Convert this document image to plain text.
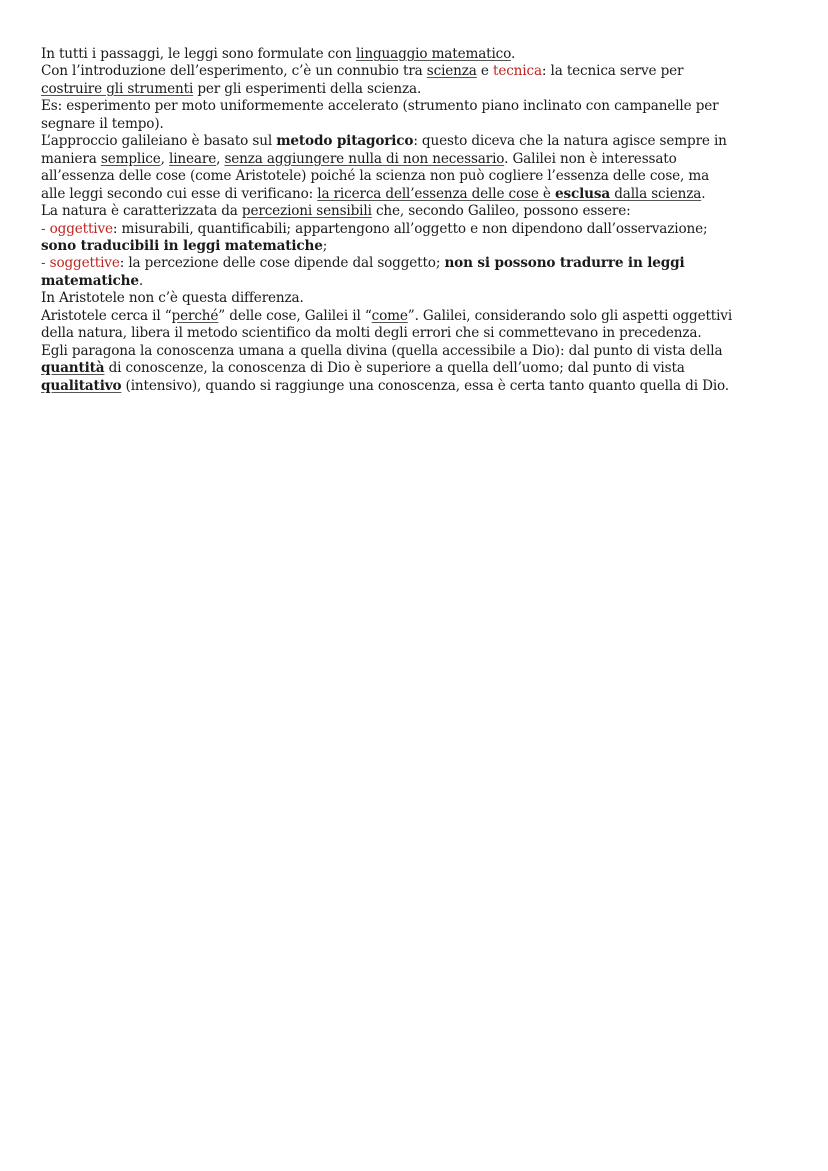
In tutti i passaggi, le leggi sono formulate con linguaggio matematico.
Con l’introduzione dell’esperimento, c’è un connubio tra scienza e tecnica: la tecnica serve per
costruire gli strumenti per gli esperimenti della scienza.
Es: esperimento per moto uniformemente accelerato (strumento piano inclinato con campanelle per
segnare il tempo).
L’approccio galileiano è basato sul metodo pitagorico: questo diceva che la natura agisce sempre in
maniera semplice, lineare, senza aggiungere nulla di non necessario. Galilei non è interessato
all’essenza delle cose (come Aristotele) poiché la scienza non può cogliere l’essenza delle cose, ma
alle leggi secondo cui esse di verificano: la ricerca dell’essenza delle cose è esclusa dalla scienza.
La natura è caratterizzata da percezioni sensibili che, secondo Galileo, possono essere:
- oggettive: misurabili, quantificabili; appartengono all’oggetto e non dipendono dall’osservazione;
sono traducibili in leggi matematiche;
- soggettive: la percezione delle cose dipende dal soggetto; non si possono tradurre in leggi
matematiche.
In Aristotele non c’è questa differenza.
Aristotele cerca il “perché” delle cose, Galilei il “come”. Galilei, considerando solo gli aspetti oggettivi
della natura, libera il metodo scientifico da molti degli errori che si commettevano in precedenza.
Egli paragona la conoscenza umana a quella divina (quella accessibile a Dio): dal punto di vista della
quantità di conoscenze, la conoscenza di Dio è superiore a quella dell’uomo; dal punto di vista
qualitativo (intensivo), quando si raggiunge una conoscenza, essa è certa tanto quanto quella di Dio.
